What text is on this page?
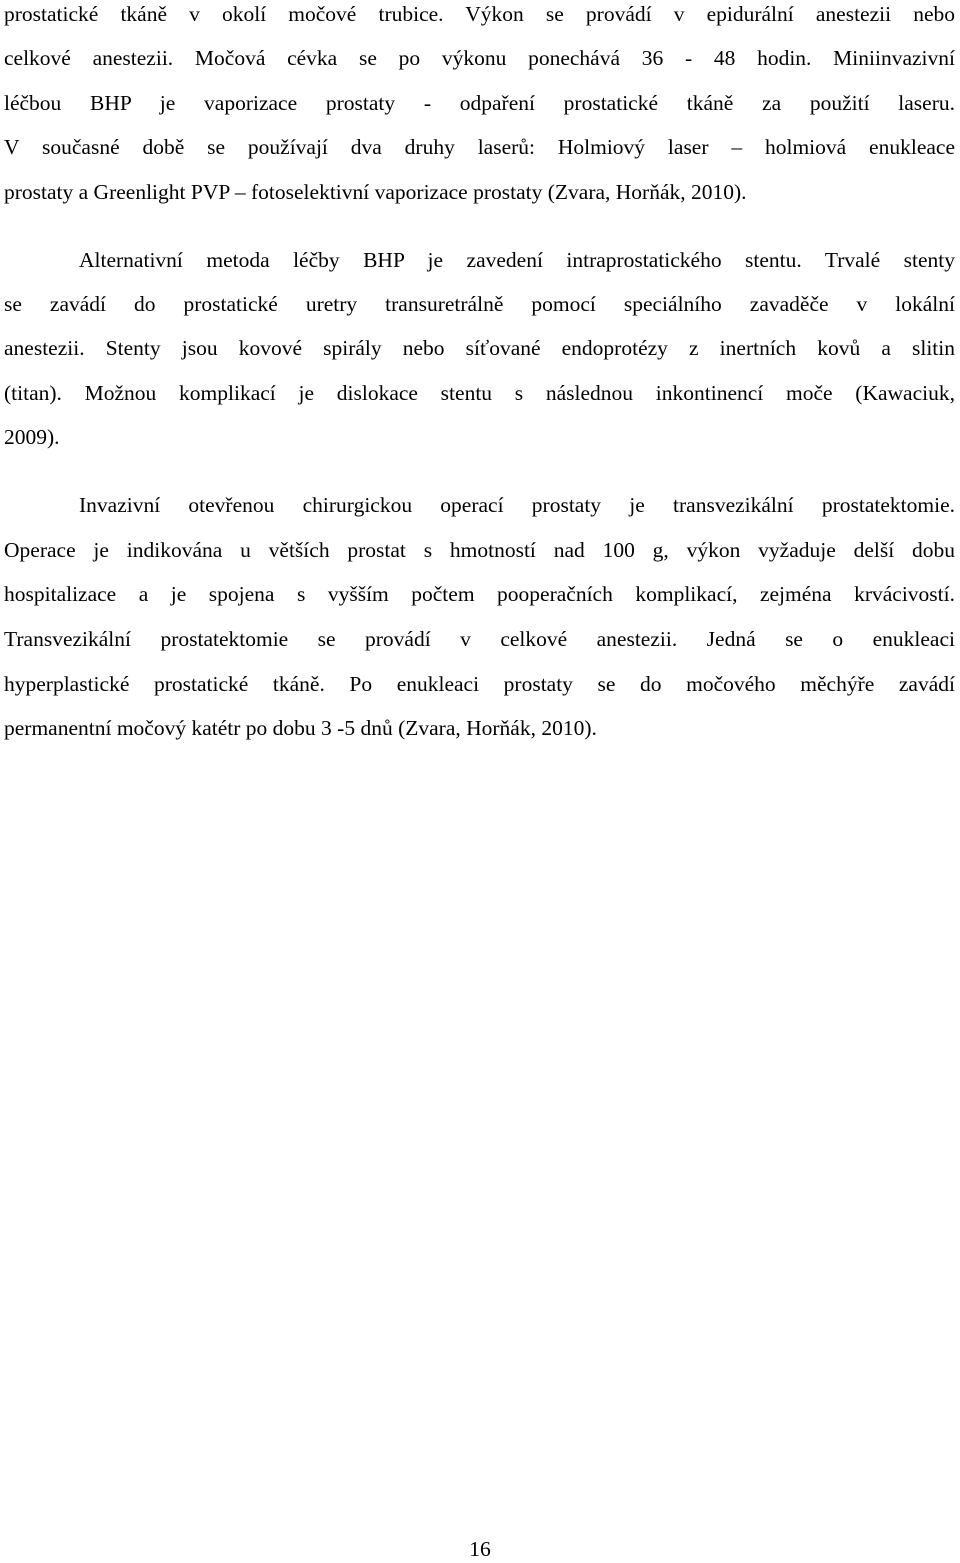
prostatické tkáně v okolí močové trubice. Výkon se provádí v epidurální anestezii nebo
celkové anestezii. Močová cévka se po výkonu ponechává 36 - 48 hodin. Miniinvazivní
léčbou BHP je vaporizace prostaty - odpaření prostatické tkáně za použití laseru.
V současné době se používají dva druhy laserů: Holmiový laser – holmiová enukleace
prostaty a Greenlight PVP – fotoselektivní vaporizace prostaty (Zvara, Horňák, 2010).
Alternativní metoda léčby BHP je zavedení intraprostatického stentu. Trvalé stenty
se zavádí do prostatické uretry transuretrálně pomocí speciálního zavaděče v lokální
anestezii. Stenty jsou kovové spirály nebo síťované endoprotézy z inertních kovů a slitin
(titan). Možnou komplikací je dislokace stentu s následnou inkontinencí moče (Kawaciuk,
2009).
Invazivní otevřenou chirurgickou operací prostaty je transvezikální prostatektomie.
Operace je indikována u větších prostat s hmotností nad 100 g, výkon vyžaduje delší dobu
hospitalizace a je spojena s vyšším počtem pooperačních komplikací, zejména krvácivostí.
Transvezikální prostatektomie se provádí v celkové anestezii. Jedná se o enukleaci
hyperplastické prostatické tkáně. Po enukleaci prostaty se do močového měchýře zavádí
permanentní močový katétr po dobu 3 -5 dnů (Zvara, Horňák, 2010).
16
